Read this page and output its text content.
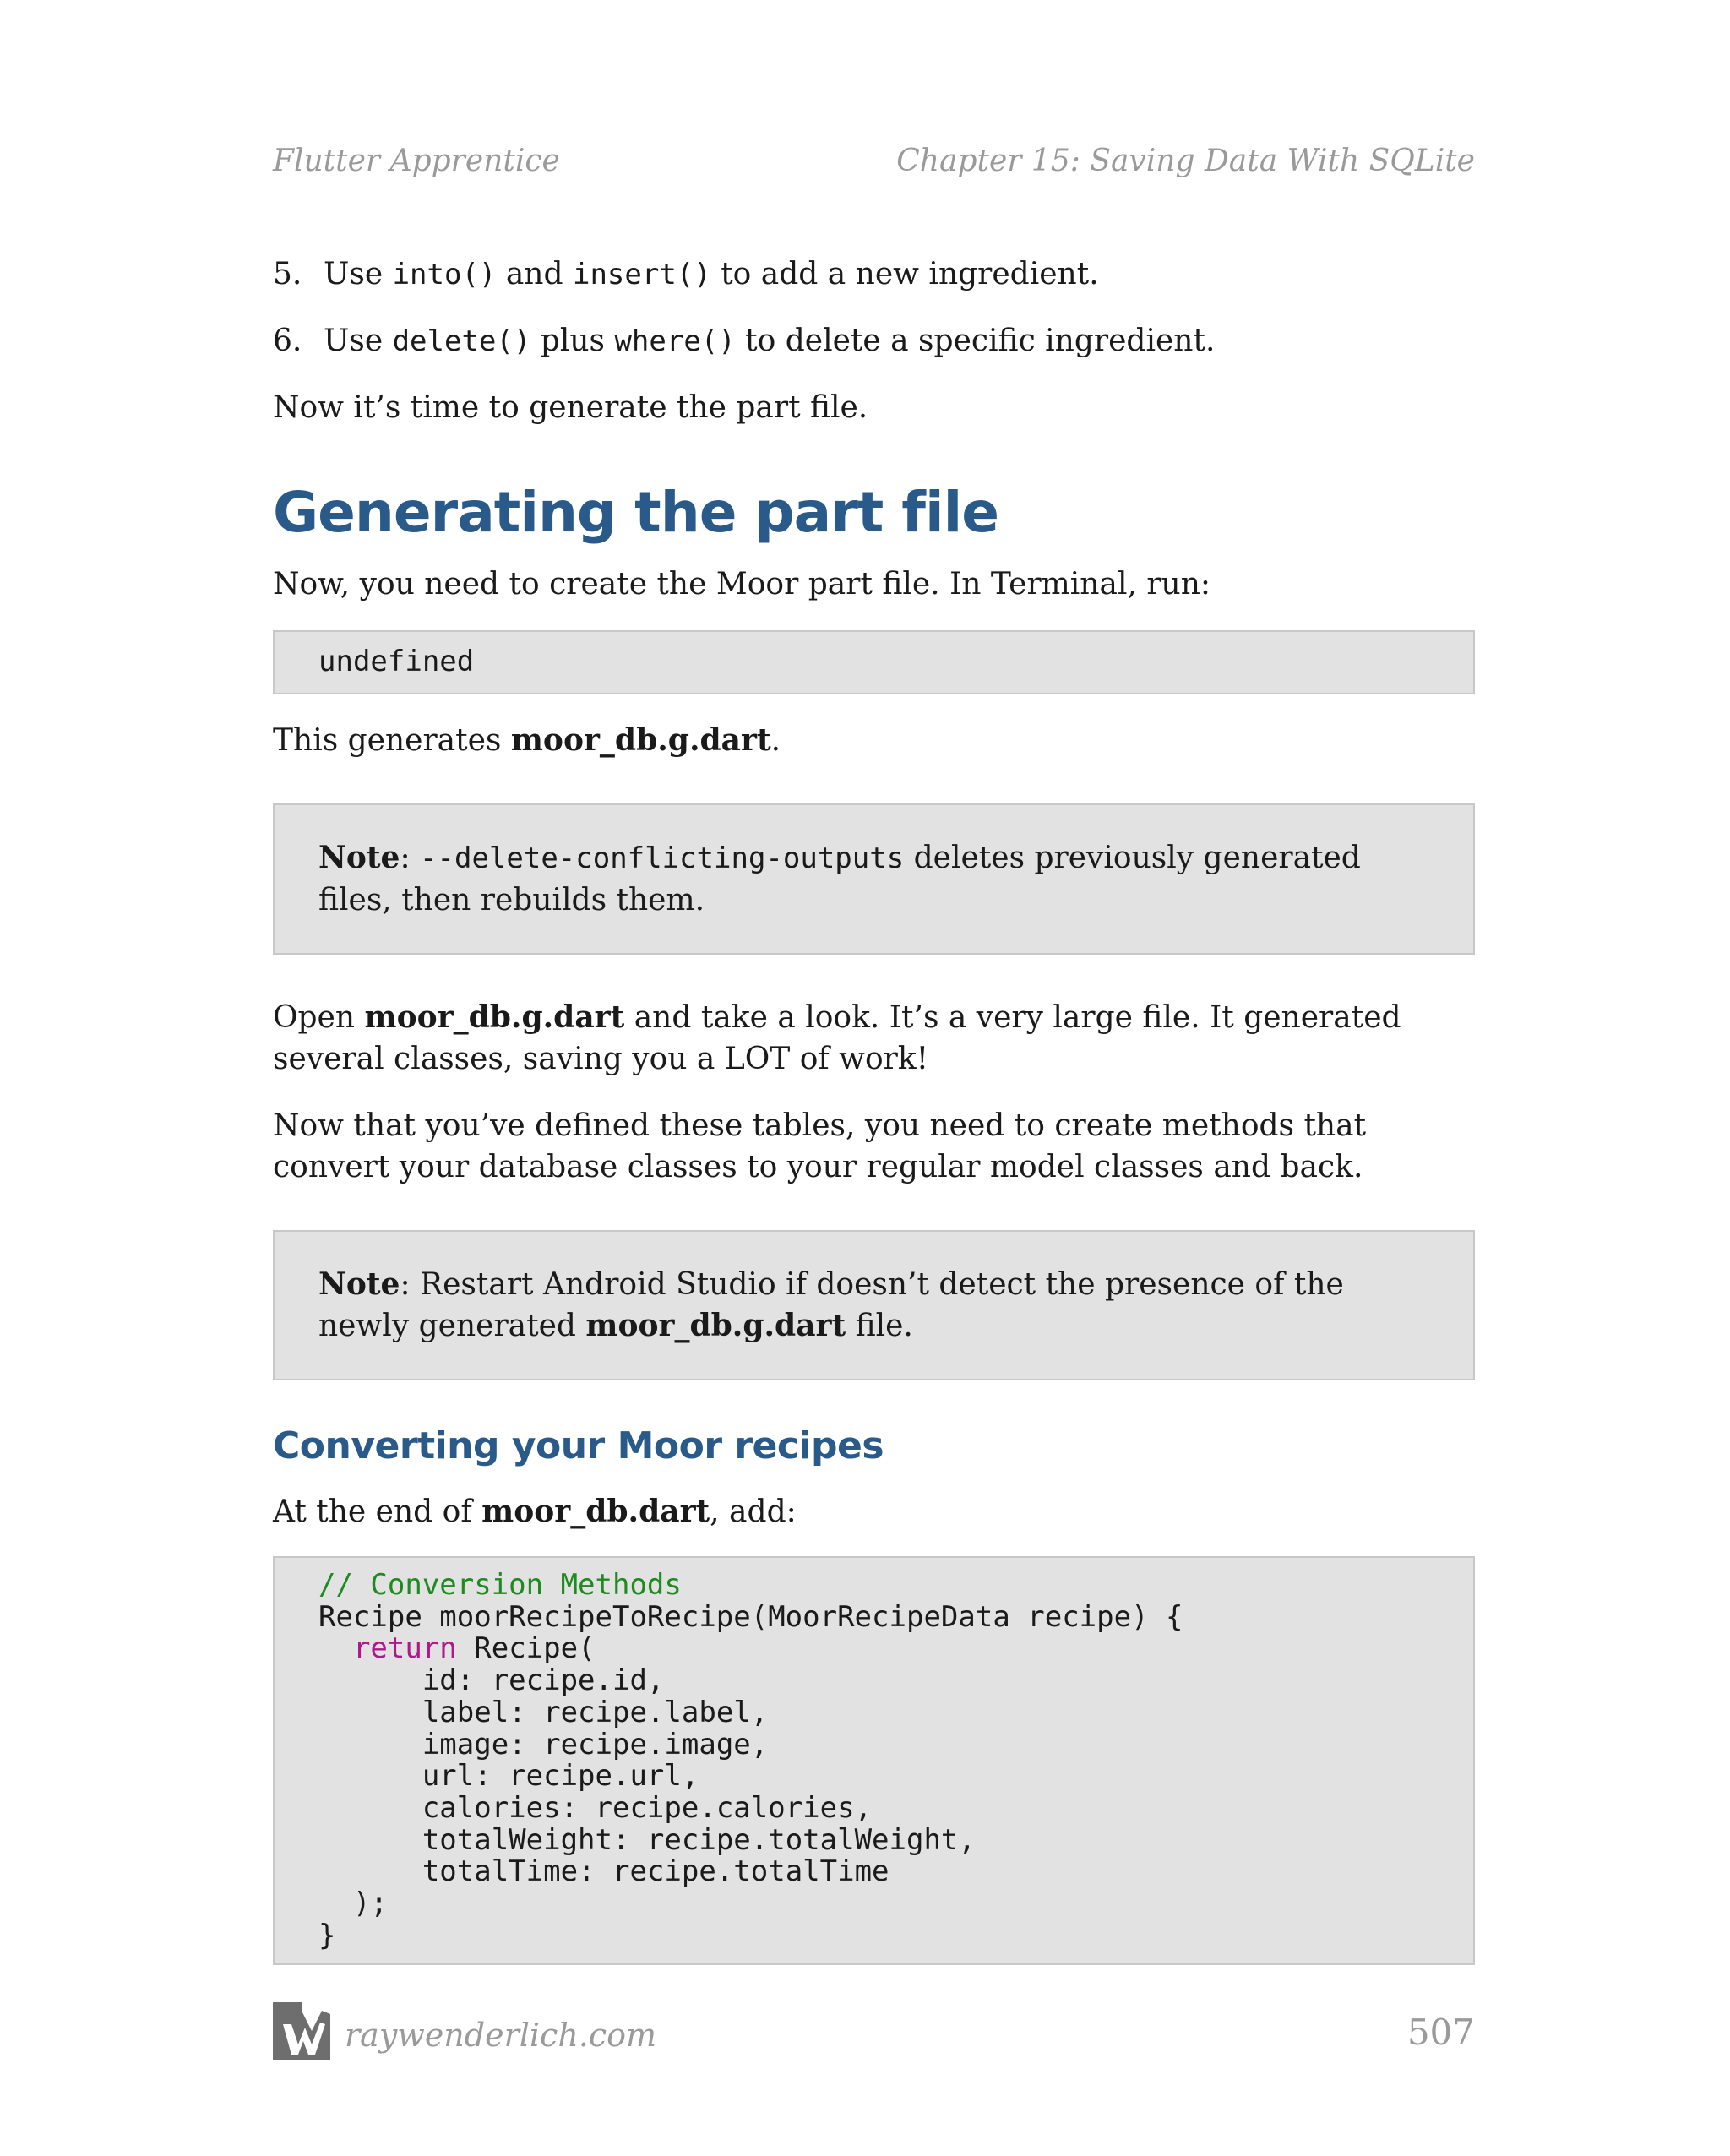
Flutter Apprentice	Chapter 15: Saving Data With SQLite
5. Use into() and insert() to add a new ingredient.
6. Use delete() plus where() to delete a specific ingredient.

Now it’s time to generate the part file.

Generating the part file

Now, you need to create the Moor part file. In Terminal, run:

undefined

This generates moor_db.g.dart.

Note: --delete-conflicting-outputs deletes previously generated files, then rebuilds them.

Open moor_db.g.dart and take a look. It’s a very large file. It generated several classes, saving you a LOT of work!

Now that you’ve defined these tables, you need to create methods that convert your database classes to your regular model classes and back.

Note: Restart Android Studio if doesn’t detect the presence of the newly generated moor_db.g.dart file.

Converting your Moor recipes

At the end of moor_db.dart, add:

// Conversion Methods
Recipe moorRecipeToRecipe(MoorRecipeData recipe) {
return Recipe(
id: recipe.id,
label: recipe.label,
image: recipe.image,
url: recipe.url,
calories: recipe.calories,
totalWeight: recipe.totalWeight,
totalTime: recipe.totalTime
);
}
raywenderlich.com	507
